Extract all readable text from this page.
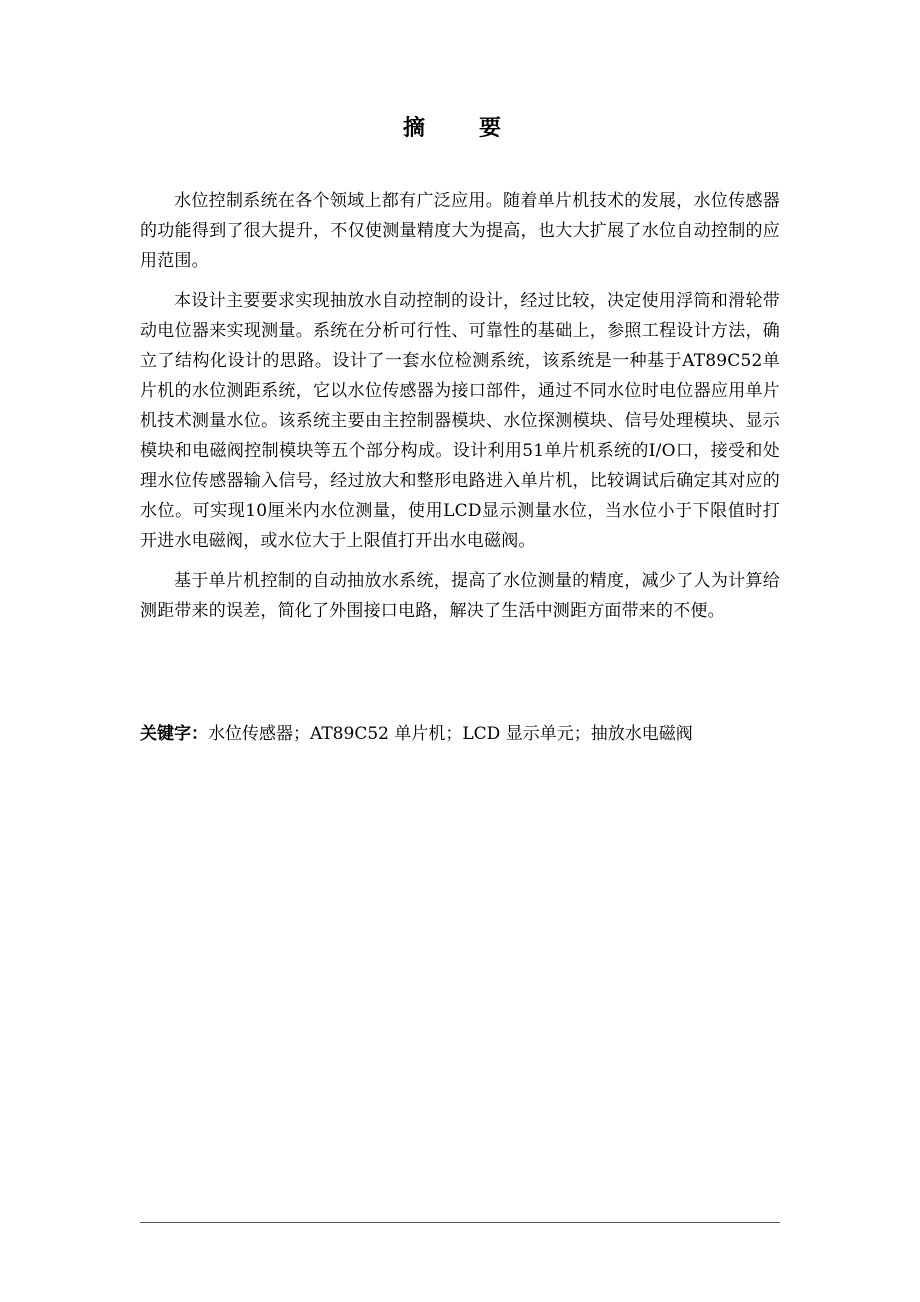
摘　要

水位控制系统在各个领域上都有广泛应用。随着单片机技术的发展，水位传感器的功能得到了很大提升，不仅使测量精度大为提高，也大大扩展了水位自动控制的应用范围。

本设计主要要求实现抽放水自动控制的设计，经过比较，决定使用浮筒和滑轮带动电位器来实现测量。系统在分析可行性、可靠性的基础上，参照工程设计方法，确立了结构化设计的思路。设计了一套水位检测系统，该系统是一种基于AT89C52单片机的水位测距系统，它以水位传感器为接口部件，通过不同水位时电位器应用单片机技术测量水位。该系统主要由主控制器模块、水位探测模块、信号处理模块、显示模块和电磁阀控制模块等五个部分构成。设计利用51单片机系统的I/O口，接受和处理水位传感器输入信号，经过放大和整形电路进入单片机，比较调试后确定其对应的水位。可实现10厘米内水位测量，使用LCD显示测量水位，当水位小于下限值时打开进水电磁阀，或水位大于上限值打开出水电磁阀。

基于单片机控制的自动抽放水系统，提高了水位测量的精度，减少了人为计算给测距带来的误差，简化了外围接口电路，解决了生活中测距方面带来的不便。

关键字：水位传感器；AT89C52 单片机；LCD 显示单元；抽放水电磁阀
